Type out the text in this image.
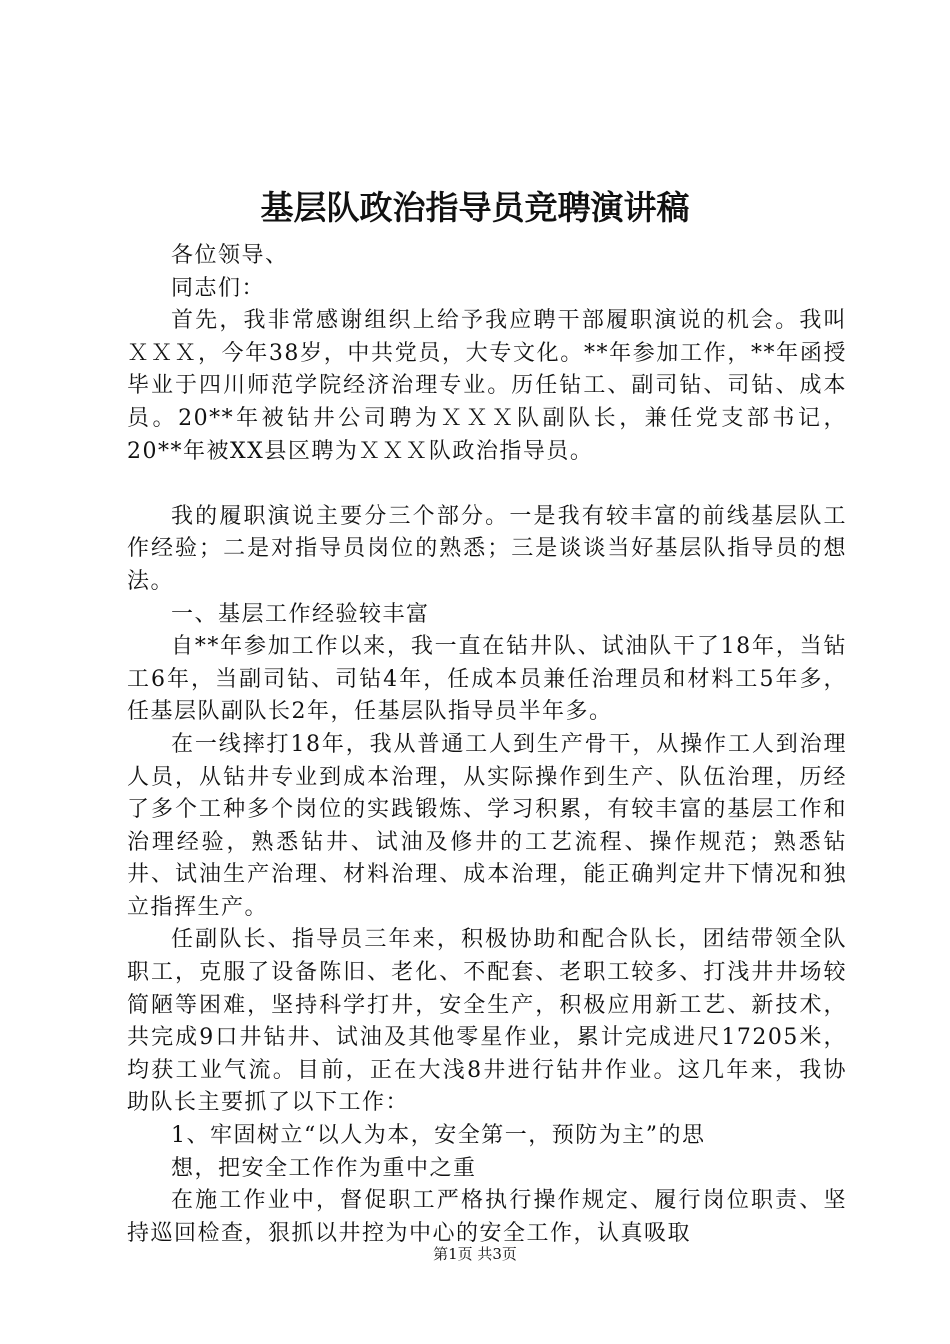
基层队政治指导员竞聘演讲稿

各位领导、

同志们：

首先，我非常感谢组织上给予我应聘干部履职演说的机会。我叫ＸＸＸ，今年38岁，中共党员，大专文化。**年参加工作，**年函授毕业于四川师范学院经济治理专业。历任钻工、副司钻、司钻、成本员。20**年被钻井公司聘为ＸＸＸ队副队长，兼任党支部书记，20**年被XX县区聘为ＸＸＸ队政治指导员。

我的履职演说主要分三个部分。一是我有较丰富的前线基层队工作经验；二是对指导员岗位的熟悉；三是谈谈当好基层队指导员的想法。

一、基层工作经验较丰富

自**年参加工作以来，我一直在钻井队、试油队干了18年，当钻工6年，当副司钻、司钻4年，任成本员兼任治理员和材料工5年多，任基层队副队长2年，任基层队指导员半年多。

在一线摔打18年，我从普通工人到生产骨干，从操作工人到治理人员，从钻井专业到成本治理，从实际操作到生产、队伍治理，历经了多个工种多个岗位的实践锻炼、学习积累，有较丰富的基层工作和治理经验，熟悉钻井、试油及修井的工艺流程、操作规范；熟悉钻井、试油生产治理、材料治理、成本治理，能正确判定井下情况和独立指挥生产。

任副队长、指导员三年来，积极协助和配合队长，团结带领全队职工，克服了设备陈旧、老化、不配套、老职工较多、打浅井井场较简陋等困难，坚持科学打井，安全生产，积极应用新工艺、新技术，共完成9口井钻井、试油及其他零星作业，累计完成进尺17205米，均获工业气流。目前，正在大浅8井进行钻井作业。这几年来，我协助队长主要抓了以下工作：

1、牢固树立“以人为本，安全第一，预防为主”的思

想，把安全工作作为重中之重

在施工作业中，督促职工严格执行操作规定、履行岗位职责、坚持巡回检查，狠抓以井控为中心的安全工作，认真吸取

第1页 共3页
